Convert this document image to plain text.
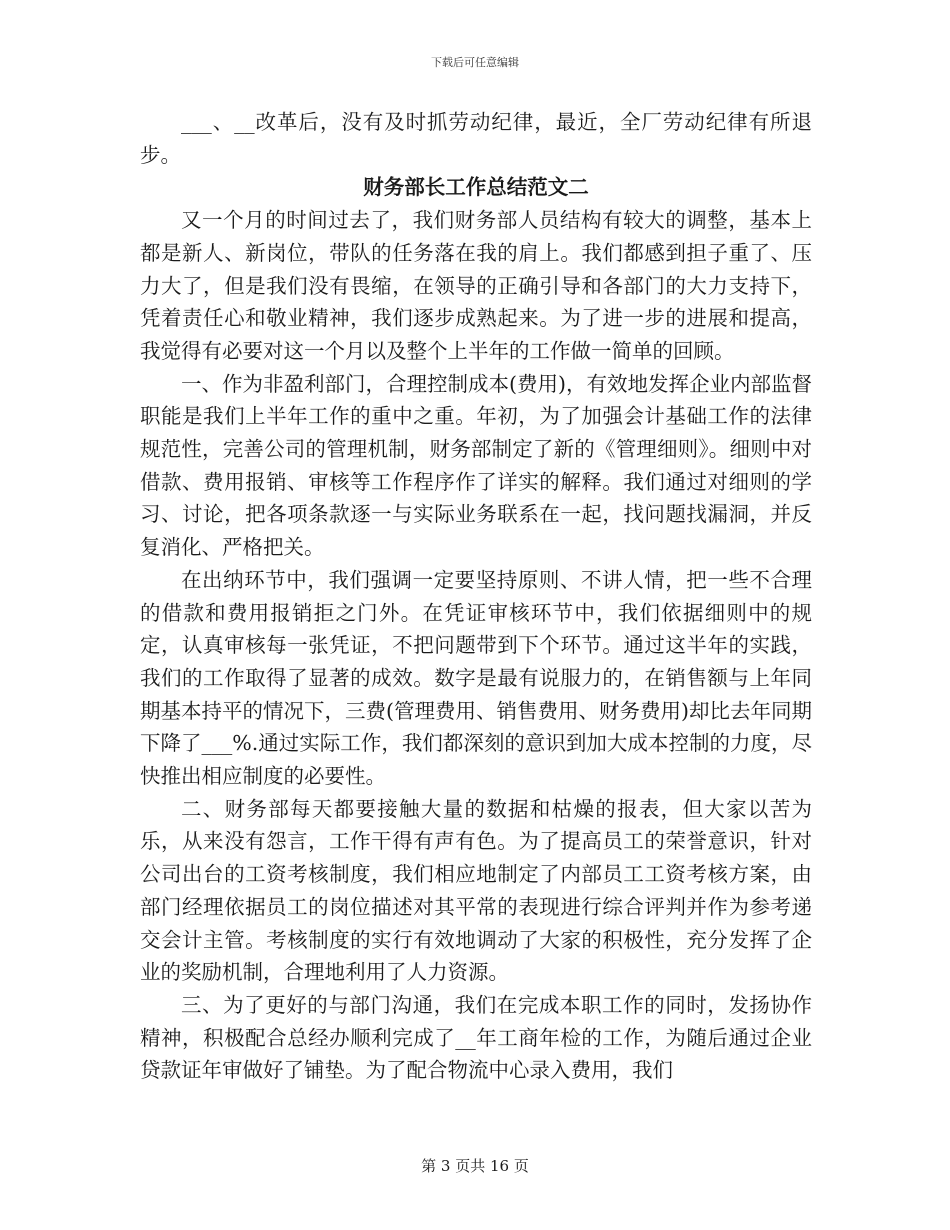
下载后可任意编辑

___、__改革后，没有及时抓劳动纪律，最近，全厂劳动纪律有所退步。

财务部长工作总结范文二

又一个月的时间过去了，我们财务部人员结构有较大的调整，基本上都是新人、新岗位，带队的任务落在我的肩上。我们都感到担子重了、压力大了，但是我们没有畏缩，在领导的正确引导和各部门的大力支持下，凭着责任心和敬业精神，我们逐步成熟起来。为了进一步的进展和提高，我觉得有必要对这一个月以及整个上半年的工作做一简单的回顾。

一、作为非盈利部门，合理控制成本(费用)，有效地发挥企业内部监督职能是我们上半年工作的重中之重。年初，为了加强会计基础工作的法律规范性，完善公司的管理机制，财务部制定了新的《管理细则》。细则中对借款、费用报销、审核等工作程序作了详实的解释。我们通过对细则的学习、讨论，把各项条款逐一与实际业务联系在一起，找问题找漏洞，并反复消化、严格把关。

在出纳环节中，我们强调一定要坚持原则、不讲人情，把一些不合理的借款和费用报销拒之门外。在凭证审核环节中，我们依据细则中的规定，认真审核每一张凭证，不把问题带到下个环节。通过这半年的实践，我们的工作取得了显著的成效。数字是最有说服力的，在销售额与上年同期基本持平的情况下，三费(管理费用、销售费用、财务费用)却比去年同期下降了___%.通过实际工作，我们都深刻的意识到加大成本控制的力度，尽快推出相应制度的必要性。

二、财务部每天都要接触大量的数据和枯燥的报表，但大家以苦为乐，从来没有怨言，工作干得有声有色。为了提高员工的荣誉意识，针对公司出台的工资考核制度，我们相应地制定了内部员工工资考核方案，由部门经理依据员工的岗位描述对其平常的表现进行综合评判并作为参考递交会计主管。考核制度的实行有效地调动了大家的积极性，充分发挥了企业的奖励机制，合理地利用了人力资源。

三、为了更好的与部门沟通，我们在完成本职工作的同时，发扬协作精神，积极配合总经办顺利完成了__年工商年检的工作，为随后通过企业贷款证年审做好了铺垫。为了配合物流中心录入费用，我们

第 3 页共 16 页
